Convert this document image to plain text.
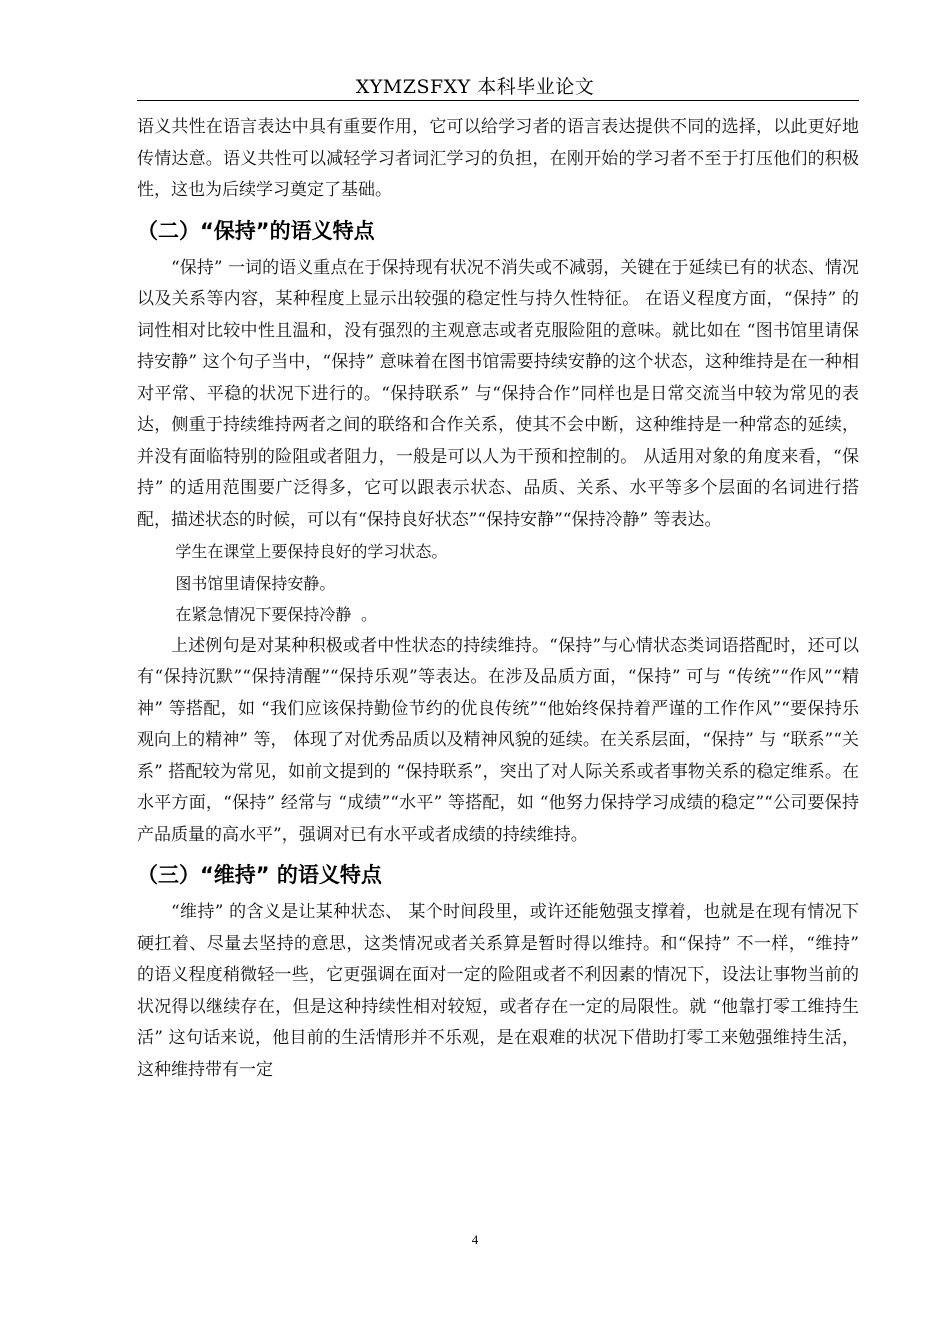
XYMZSFXY 本科毕业论文

语义共性在语言表达中具有重要作用，它可以给学习者的语言表达提供不同的选择，以此更好地传情达意。语义共性可以减轻学习者词汇学习的负担，在刚开始的学习者不至于打压他们的积极性，这也为后续学习奠定了基础。

（二）“保持”的语义特点

“保持” 一词的语义重点在于保持现有状况不消失或不减弱，关键在于延续已有的状态、情况以及关系等内容，某种程度上显示出较强的稳定性与持久性特征。 在语义程度方面，“保持” 的词性相对比较中性且温和，没有强烈的主观意志或者克服险阻的意味。就比如在 “图书馆里请保持安静” 这个句子当中，“保持” 意味着在图书馆需要持续安静的这个状态，这种维持是在一种相对平常、平稳的状况下进行的。“保持联系” 与“保持合作”同样也是日常交流当中较为常见的表达，侧重于持续维持两者之间的联络和合作关系，使其不会中断，这种维持是一种常态的延续，并没有面临特别的险阻或者阻力，一般是可以人为干预和控制的。 从适用对象的角度来看，“保持” 的适用范围要广泛得多，它可以跟表示状态、品质、关系、水平等多个层面的名词进行搭配，描述状态的时候，可以有“保持良好状态”“保持安静”“保持冷静” 等表达。

学生在课堂上要保持良好的学习状态。
图书馆里请保持安静。
在紧急情况下要保持冷静 。

上述例句是对某种积极或者中性状态的持续维持。“保持”与心情状态类词语搭配时，还可以有“保持沉默”“保持清醒”“保持乐观”等表达。在涉及品质方面，“保持” 可与 “传统”“作风”“精神” 等搭配，如 “我们应该保持勤俭节约的优良传统”“他始终保持着严谨的工作作风”“要保持乐观向上的精神” 等， 体现了对优秀品质以及精神风貌的延续。在关系层面，“保持” 与 “联系”“关系” 搭配较为常见，如前文提到的 “保持联系”，突出了对人际关系或者事物关系的稳定维系。在水平方面，“保持” 经常与 “成绩”“水平” 等搭配，如 “他努力保持学习成绩的稳定”“公司要保持产品质量的高水平”，强调对已有水平或者成绩的持续维持。

（三）“维持” 的语义特点

“维持” 的含义是让某种状态、 某个时间段里，或许还能勉强支撑着，也就是在现有情况下硬扛着、尽量去坚持的意思，这类情况或者关系算是暂时得以维持。和“保持” 不一样，“维持” 的语义程度稍微轻一些，它更强调在面对一定的险阻或者不利因素的情况下，设法让事物当前的状况得以继续存在，但是这种持续性相对较短，或者存在一定的局限性。就 “他靠打零工维持生活” 这句话来说，他目前的生活情形并不乐观，是在艰难的状况下借助打零工来勉强维持生活，这种维持带有一定

4
